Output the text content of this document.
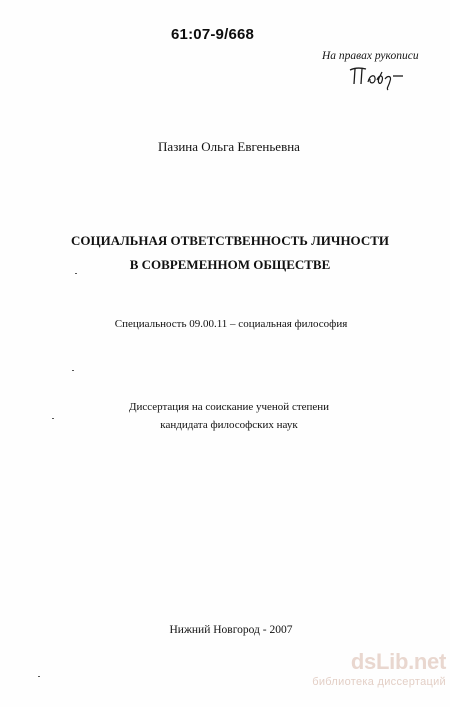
61:07-9/668
На правах рукописи
Пазина Ольга Евгеньевна
СОЦИАЛЬНАЯ ОТВЕТСТВЕННОСТЬ ЛИЧНОСТИ
В СОВРЕМЕННОМ ОБЩЕСТВЕ
Специальность 09.00.11 – социальная философия
Диссертация на соискание ученой степени
кандидата философских наук
Нижний Новгород - 2007
dsLib.net
библиотека диссертаций
